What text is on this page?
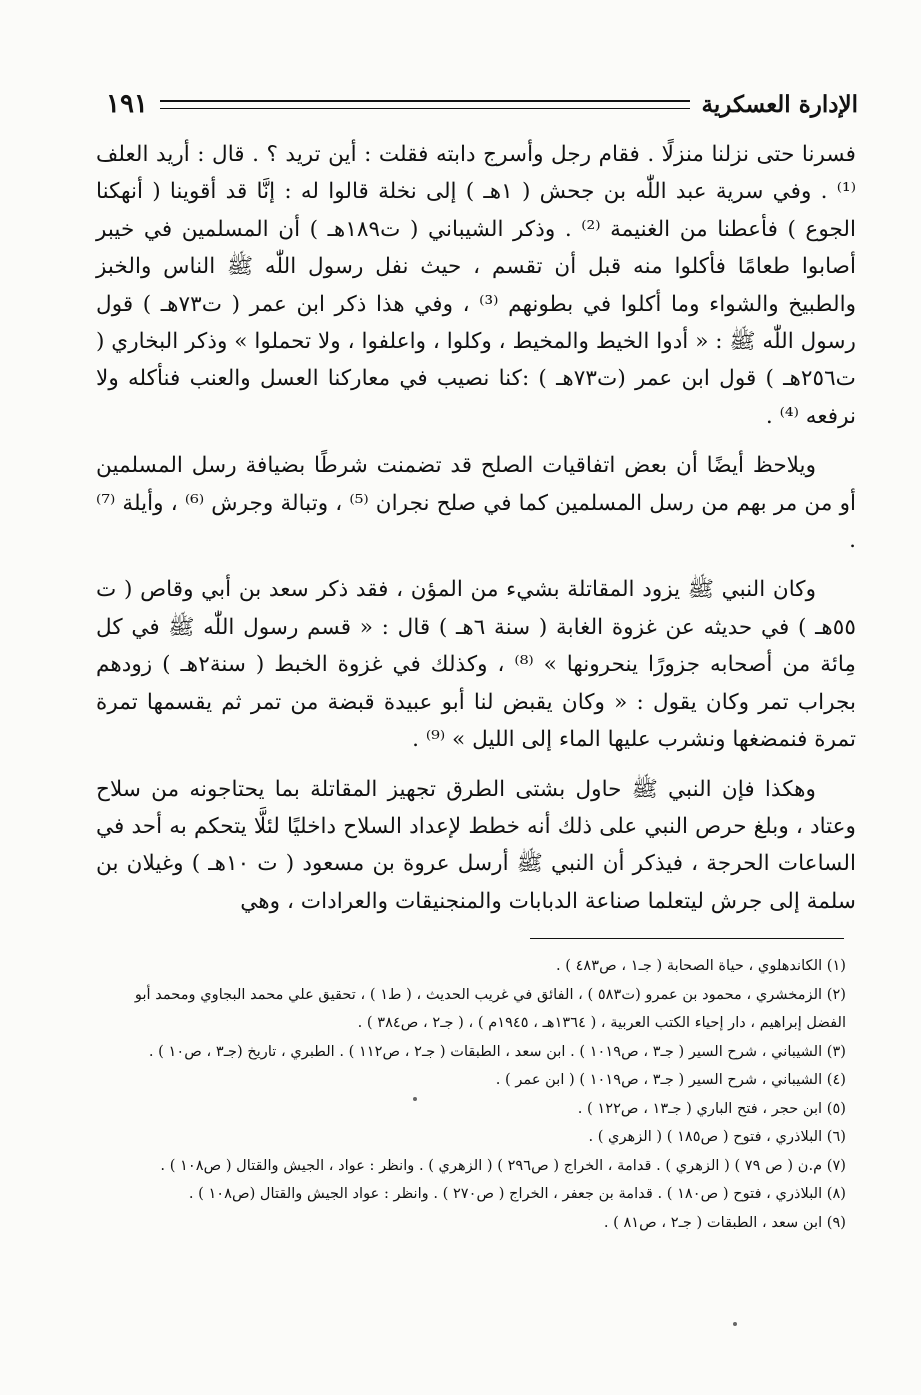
الإدارة العسكرية
١٩١

فسرنا حتى نزلنا منزلًا . فقام رجل وأسرج دابته فقلت : أين تريد ؟ . قال : أريد العلف ⁽¹⁾ . وفي سرية عبد اللّٰه بن جحش ( ١هـ ) إلى نخلة قالوا له : إنَّا قد أقوينا ( أنهكنا الجوع ) فأعطنا من الغنيمة ⁽²⁾ . وذكر الشيباني ( ت١٨٩هـ ) أن المسلمين في خيبر أصابوا طعامًا فأكلوا منه قبل أن تقسم ، حيث نفل رسول اللّٰه ﷺ الناس والخبز والطبيخ والشواء وما أكلوا في بطونهم ⁽³⁾ ، وفي هذا ذكر ابن عمر ( ت٧٣هـ ) قول رسول اللّٰه ﷺ : « أدوا الخيط والمخيط ، وكلوا ، واعلفوا ، ولا تحملوا » وذكر البخاري ( ت٢٥٦هـ ) قول ابن عمر (ت٧٣هـ ) :كنا نصيب في معاركنا العسل والعنب فنأكله ولا نرفعه ⁽⁴⁾ .

ويلاحظ أيضًا أن بعض اتفاقيات الصلح قد تضمنت شرطًا بضيافة رسل المسلمين أو من مر بهم من رسل المسلمين كما في صلح نجران ⁽⁵⁾ ، وتبالة وجرش ⁽⁶⁾ ، وأيلة ⁽⁷⁾ .

وكان النبي ﷺ يزود المقاتلة بشيء من المؤن ، فقد ذكر سعد بن أبي وقاص ( ت ٥٥هـ ) في حديثه عن غزوة الغابة ( سنة ٦هـ ) قال : « قسم رسول اللّٰه ﷺ في كل مِائة من أصحابه جزورًا ينحرونها » ⁽⁸⁾ ، وكذلك في غزوة الخبط ( سنة٢هـ ) زودهم بجراب تمر وكان يقول : « وكان يقبض لنا أبو عبيدة قبضة من تمر ثم يقسمها تمرة تمرة فنمضغها ونشرب عليها الماء إلى الليل » ⁽⁹⁾ .

وهكذا فإن النبي ﷺ حاول بشتى الطرق تجهيز المقاتلة بما يحتاجونه من سلاح وعتاد ، وبلغ حرص النبي على ذلك أنه خطط لإعداد السلاح داخليًا لئلَّا يتحكم به أحد في الساعات الحرجة ، فيذكر أن النبي ﷺ أرسل عروة بن مسعود ( ت ١٠هـ ) وغيلان بن سلمة إلى جرش ليتعلما صناعة الدبابات والمنجنيقات والعرادات ، وهي

(١) الكاندهلوي ، حياة الصحابة ( جـ١ ، ص٤٨٣ ) .

(٢) الزمخشري ، محمود بن عمرو (ت٥٨٣ ) ، الفائق في غريب الحديث ، ( ط١ ) ، تحقيق علي محمد البجاوي ومحمد أبو الفضل إبراهيم ، دار إحياء الكتب العربية ، ( ١٣٦٤هـ ، ١٩٤٥م ) ، ( جـ٢ ، ص٣٨٤ ) .

(٣) الشيباني ، شرح السير ( جـ٣ ، ص١٠١٩ ) . ابن سعد ، الطبقات ( جـ٢ ، ص١١٢ ) . الطبري ، تاريخ (جـ٣ ، ص١٠ ) .

(٤) الشيباني ، شرح السير ( جـ٣ ، ص١٠١٩ ) ( ابن عمر ) .

(٥) ابن حجر ، فتح الباري ( جـ١٣ ، ص١٢٢ ) .

(٦) البلاذري ، فتوح ( ص١٨٥ ) ( الزهري ) .

(٧) م.ن ( ص ٧٩ ) ( الزهري ) . قدامة ، الخراج ( ص٢٩٦ ) ( الزهري ) . وانظر : عواد ، الجيش والقتال ( ص١٠٨ ) .

(٨) البلاذري ، فتوح ( ص١٨٠ ) . قدامة بن جعفر ، الخراج ( ص٢٧٠ ) . وانظر : عواد الجيش والقتال (ص١٠٨ ) .

(٩) ابن سعد ، الطبقات ( جـ٢ ، ص٨١ ) .
